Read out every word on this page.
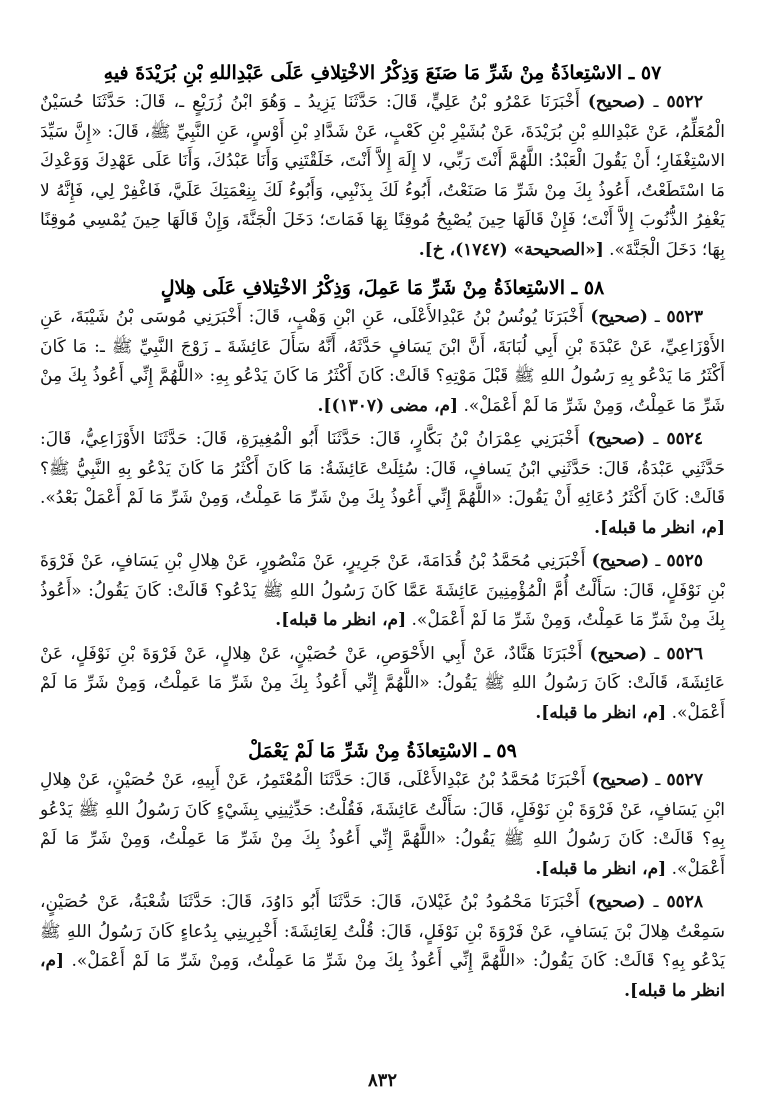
٥٧ ـ الاسْتِعاذَةُ مِنْ شَرِّ مَا صَنَعَ وَذِكْرُ الاخْتِلافِ عَلَى عَبْدِاللهِ بْنِ بُرَيْدَةَ فيهِ

٥٥٢٢ ـ (صحيح) أَخْبَرَنَا عَمْرُو بْنُ عَلِيٍّ، قَالَ: حَدَّثَنَا يَزِيدُ ـ وَهُوَ ابْنُ زُرَيْعٍ ـ، قَالَ: حَدَّثَنَا حُسَيْنٌ الْمُعَلِّمُ، عَنْ عَبْدِاللهِ بْنِ بُرَيْدَةَ، عَنْ بُشَيْرِ بْنِ كَعْبٍ، عَنْ شَدَّادِ بْنِ أَوْسٍ، عَنِ النَّبِيِّ ﷺ، قَالَ: «إِنَّ سَيِّدَ الاسْتِغْفَارِ؛ أَنْ يَقُولَ الْعَبْدُ: اللَّهُمَّ أَنْتَ رَبِّي، لا إِلَهَ إِلاَّ أَنْتَ، خَلَقْتَنِي وَأَنَا عَبْدُكَ، وَأَنَا عَلَى عَهْدِكَ وَوَعْدِكَ مَا اسْتَطَعْتُ، أَعُوذُ بِكَ مِنْ شَرِّ مَا صَنَعْتُ، أَبُوءُ لَكَ بِذَنْبِي، وَأَبُوءُ لَكَ بِنِعْمَتِكَ عَلَيَّ، فَاغْفِرْ لِي، فَإِنَّهُ لا يَغْفِرُ الذُّنُوبَ إِلاَّ أَنْتَ؛ فَإِنْ قَالَهَا حِينَ يُصْبِحُ مُوقِنًا بِهَا فَمَاتَ؛ دَخَلَ الْجَنَّةَ، وَإِنْ قَالَهَا حِينَ يُمْسِي مُوقِنًا بِهَا؛ دَخَلَ الْجَنَّةَ». [«الصحيحة» (١٧٤٧)، خ].

٥٨ ـ الاسْتِعاذَةُ مِنْ شَرِّ مَا عَمِلَ، وَذِكْرُ الاخْتِلافِ عَلَى هِلالٍ

٥٥٢٣ ـ (صحيح) أَخْبَرَنَا يُونُسُ بْنُ عَبْدِالأَعْلَى، عَنِ ابْنِ وَهْبٍ، قَالَ: أَخْبَرَنِي مُوسَى بْنُ شَيْبَةَ، عَنِ الأَوْزَاعِيِّ، عَنْ عَبْدَةَ بْنِ أَبِي لُبَابَةَ، أَنَّ ابْنَ يَسَافٍ حَدَّثَهُ، أَنَّهُ سَأَلَ عَائِشَةَ ـ زَوْجَ النَّبِيِّ ﷺ ـ: مَا كَانَ أَكْثَرُ مَا يَدْعُو بِهِ رَسُولُ اللهِ ﷺ قَبْلَ مَوْتِهِ؟ قَالَتْ: كَانَ أَكْثَرُ مَا كَانَ يَدْعُو بِهِ: «اللَّهُمَّ إِنِّي أَعُوذُ بِكَ مِنْ شَرِّ مَا عَمِلْتُ، وَمِنْ شَرِّ مَا لَمْ أَعْمَلْ». [م، مضى (١٣٠٧)].

٥٥٢٤ ـ (صحيح) أَخْبَرَنِي عِمْرَانُ بْنُ بَكَّارٍ، قَالَ: حَدَّثَنَا أَبُو الْمُغِيرَةِ، قَالَ: حَدَّثَنَا الأَوْزَاعِيُّ، قَالَ: حَدَّثَنِي عَبْدَةُ، قَالَ: حَدَّثَنِي ابْنُ يَسافٍ، قَالَ: سُئِلَتْ عَائِشَةُ: مَا كَانَ أَكْثَرُ مَا كَانَ يَدْعُو بِهِ النَّبِيُّ ﷺ؟ قَالَتْ: كَانَ أَكْثَرُ دُعَائِهِ أَنْ يَقُولَ: «اللَّهُمَّ إِنِّي أَعُوذُ بِكَ مِنْ شَرِّ مَا عَمِلْتُ، وَمِنْ شَرِّ مَا لَمْ أَعْمَلْ بَعْدُ». [م، انظر ما قبله].

٥٥٢٥ ـ (صحيح) أَخْبَرَنِي مُحَمَّدُ بْنُ قُدَامَةَ، عَنْ جَرِيرٍ، عَنْ مَنْصُورٍ، عَنْ هِلالِ بْنِ يَسَافٍ، عَنْ فَرْوَةَ بْنِ نَوْفَلٍ، قَالَ: سَأَلْتُ أُمَّ الْمُؤْمِنِينَ عَائِشَةَ عَمَّا كَانَ رَسُولُ اللهِ ﷺ يَدْعُو؟ قَالَتْ: كَانَ يَقُولُ: «أَعُوذُ بِكَ مِنْ شَرِّ مَا عَمِلْتُ، وَمِنْ شَرِّ مَا لَمْ أَعْمَلْ». [م، انظر ما قبله].

٥٥٢٦ ـ (صحيح) أَخْبَرَنَا هَنَّادٌ، عَنْ أَبِي الأَحْوَصِ، عَنْ حُصَيْنٍ، عَنْ هِلالٍ، عَنْ فَرْوَةَ بْنِ نَوْفَلٍ، عَنْ عَائِشَةَ، قَالَتْ: كَانَ رَسُولُ اللهِ ﷺ يَقُولُ: «اللَّهُمَّ إِنِّي أَعُوذُ بِكَ مِنْ شَرِّ مَا عَمِلْتُ، وَمِنْ شَرِّ مَا لَمْ أَعْمَلْ». [م، انظر ما قبله].

٥٩ ـ الاسْتِعاذَةُ مِنْ شَرِّ مَا لَمْ يَعْمَلْ

٥٥٢٧ ـ (صحيح) أَخْبَرَنَا مُحَمَّدُ بْنُ عَبْدِالأَعْلَى، قَالَ: حَدَّثَنَا الْمُعْتَمِرُ، عَنْ أَبِيهِ، عَنْ حُصَيْنٍ، عَنْ هِلالِ ابْنِ يَسَافٍ، عَنْ فَرْوَةَ بْنِ نَوْفَلٍ، قَالَ: سَأَلْتُ عَائِشَةَ، فَقُلْتُ: حَدِّثِينِي بِشَيْءٍ كَانَ رَسُولُ اللهِ ﷺ يَدْعُو بِهِ؟ قَالَتْ: كَانَ رَسُولُ اللهِ ﷺ يَقُولُ: «اللَّهُمَّ إِنِّي أَعُوذُ بِكَ مِنْ شَرِّ مَا عَمِلْتُ، وَمِنْ شَرِّ مَا لَمْ أَعْمَلْ». [م، انظر ما قبله].

٥٥٢٨ ـ (صحيح) أَخْبَرَنَا مَحْمُودُ بْنُ غَيْلانَ، قَالَ: حَدَّثَنَا أَبُو دَاوُدَ، قَالَ: حَدَّثَنَا شُعْبَةُ، عَنْ حُصَيْنٍ، سَمِعْتُ هِلالَ بْنَ يَسَافٍ، عَنْ فَرْوَةَ بْنِ نَوْفَلٍ، قَالَ: قُلْتُ لِعَائِشَةَ: أَخْبِرِينِي بِدُعاءٍ كَانَ رَسُولُ اللهِ ﷺ يَدْعُو بِهِ؟ قَالَتْ: كَانَ يَقُولُ: «اللَّهُمَّ إِنِّي أَعُوذُ بِكَ مِنْ شَرِّ مَا عَمِلْتُ، وَمِنْ شَرِّ مَا لَمْ أَعْمَلْ». [م، انظر ما قبله].

٨٣٢
